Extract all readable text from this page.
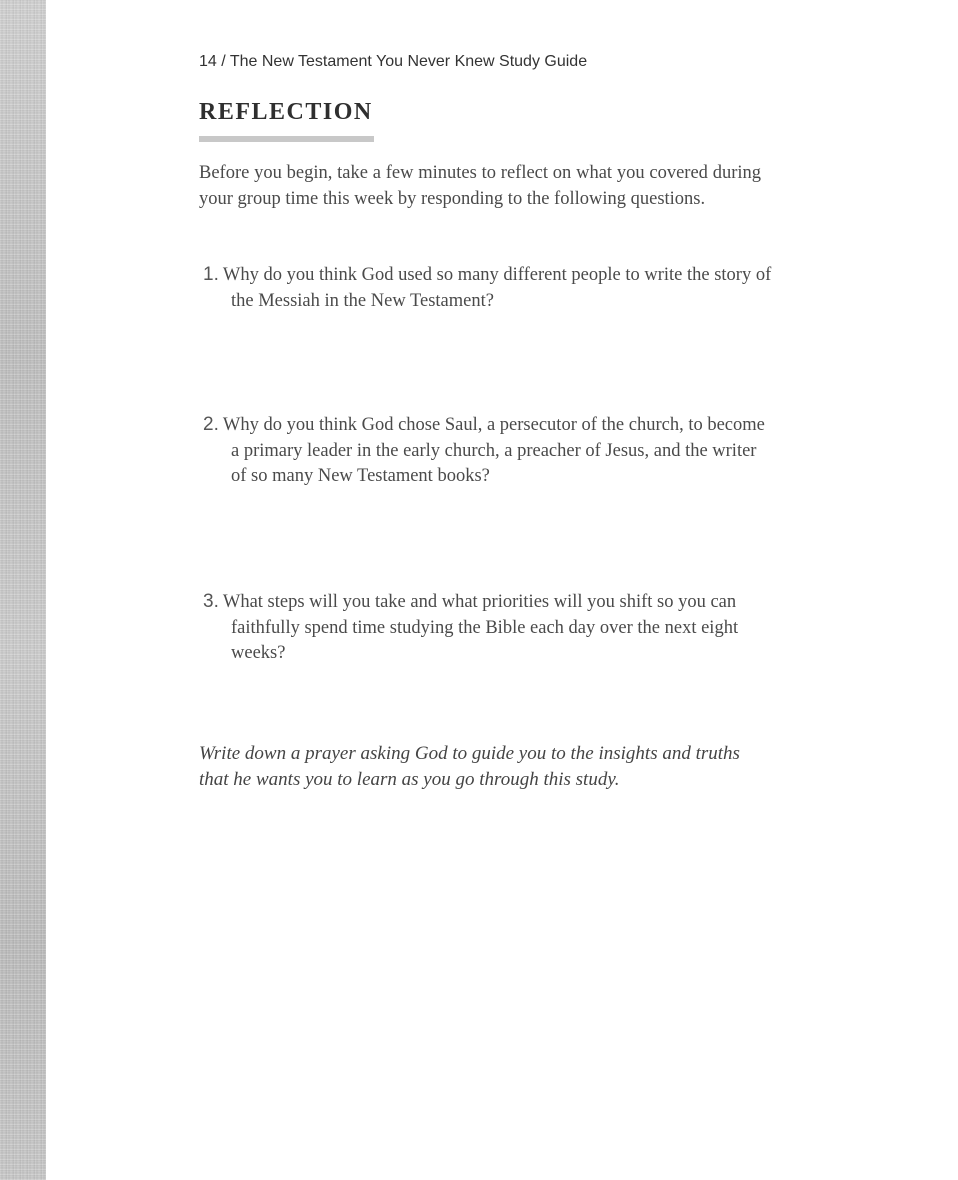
14 / The New Testament You Never Knew Study Guide
REFLECTION
Before you begin, take a few minutes to reflect on what you covered during your group time this week by responding to the following questions.
1. Why do you think God used so many different people to write the story of the Messiah in the New Testament?
2. Why do you think God chose Saul, a persecutor of the church, to become a primary leader in the early church, a preacher of Jesus, and the writer of so many New Testament books?
3. What steps will you take and what priorities will you shift so you can faithfully spend time studying the Bible each day over the next eight weeks?
Write down a prayer asking God to guide you to the insights and truths that he wants you to learn as you go through this study.
